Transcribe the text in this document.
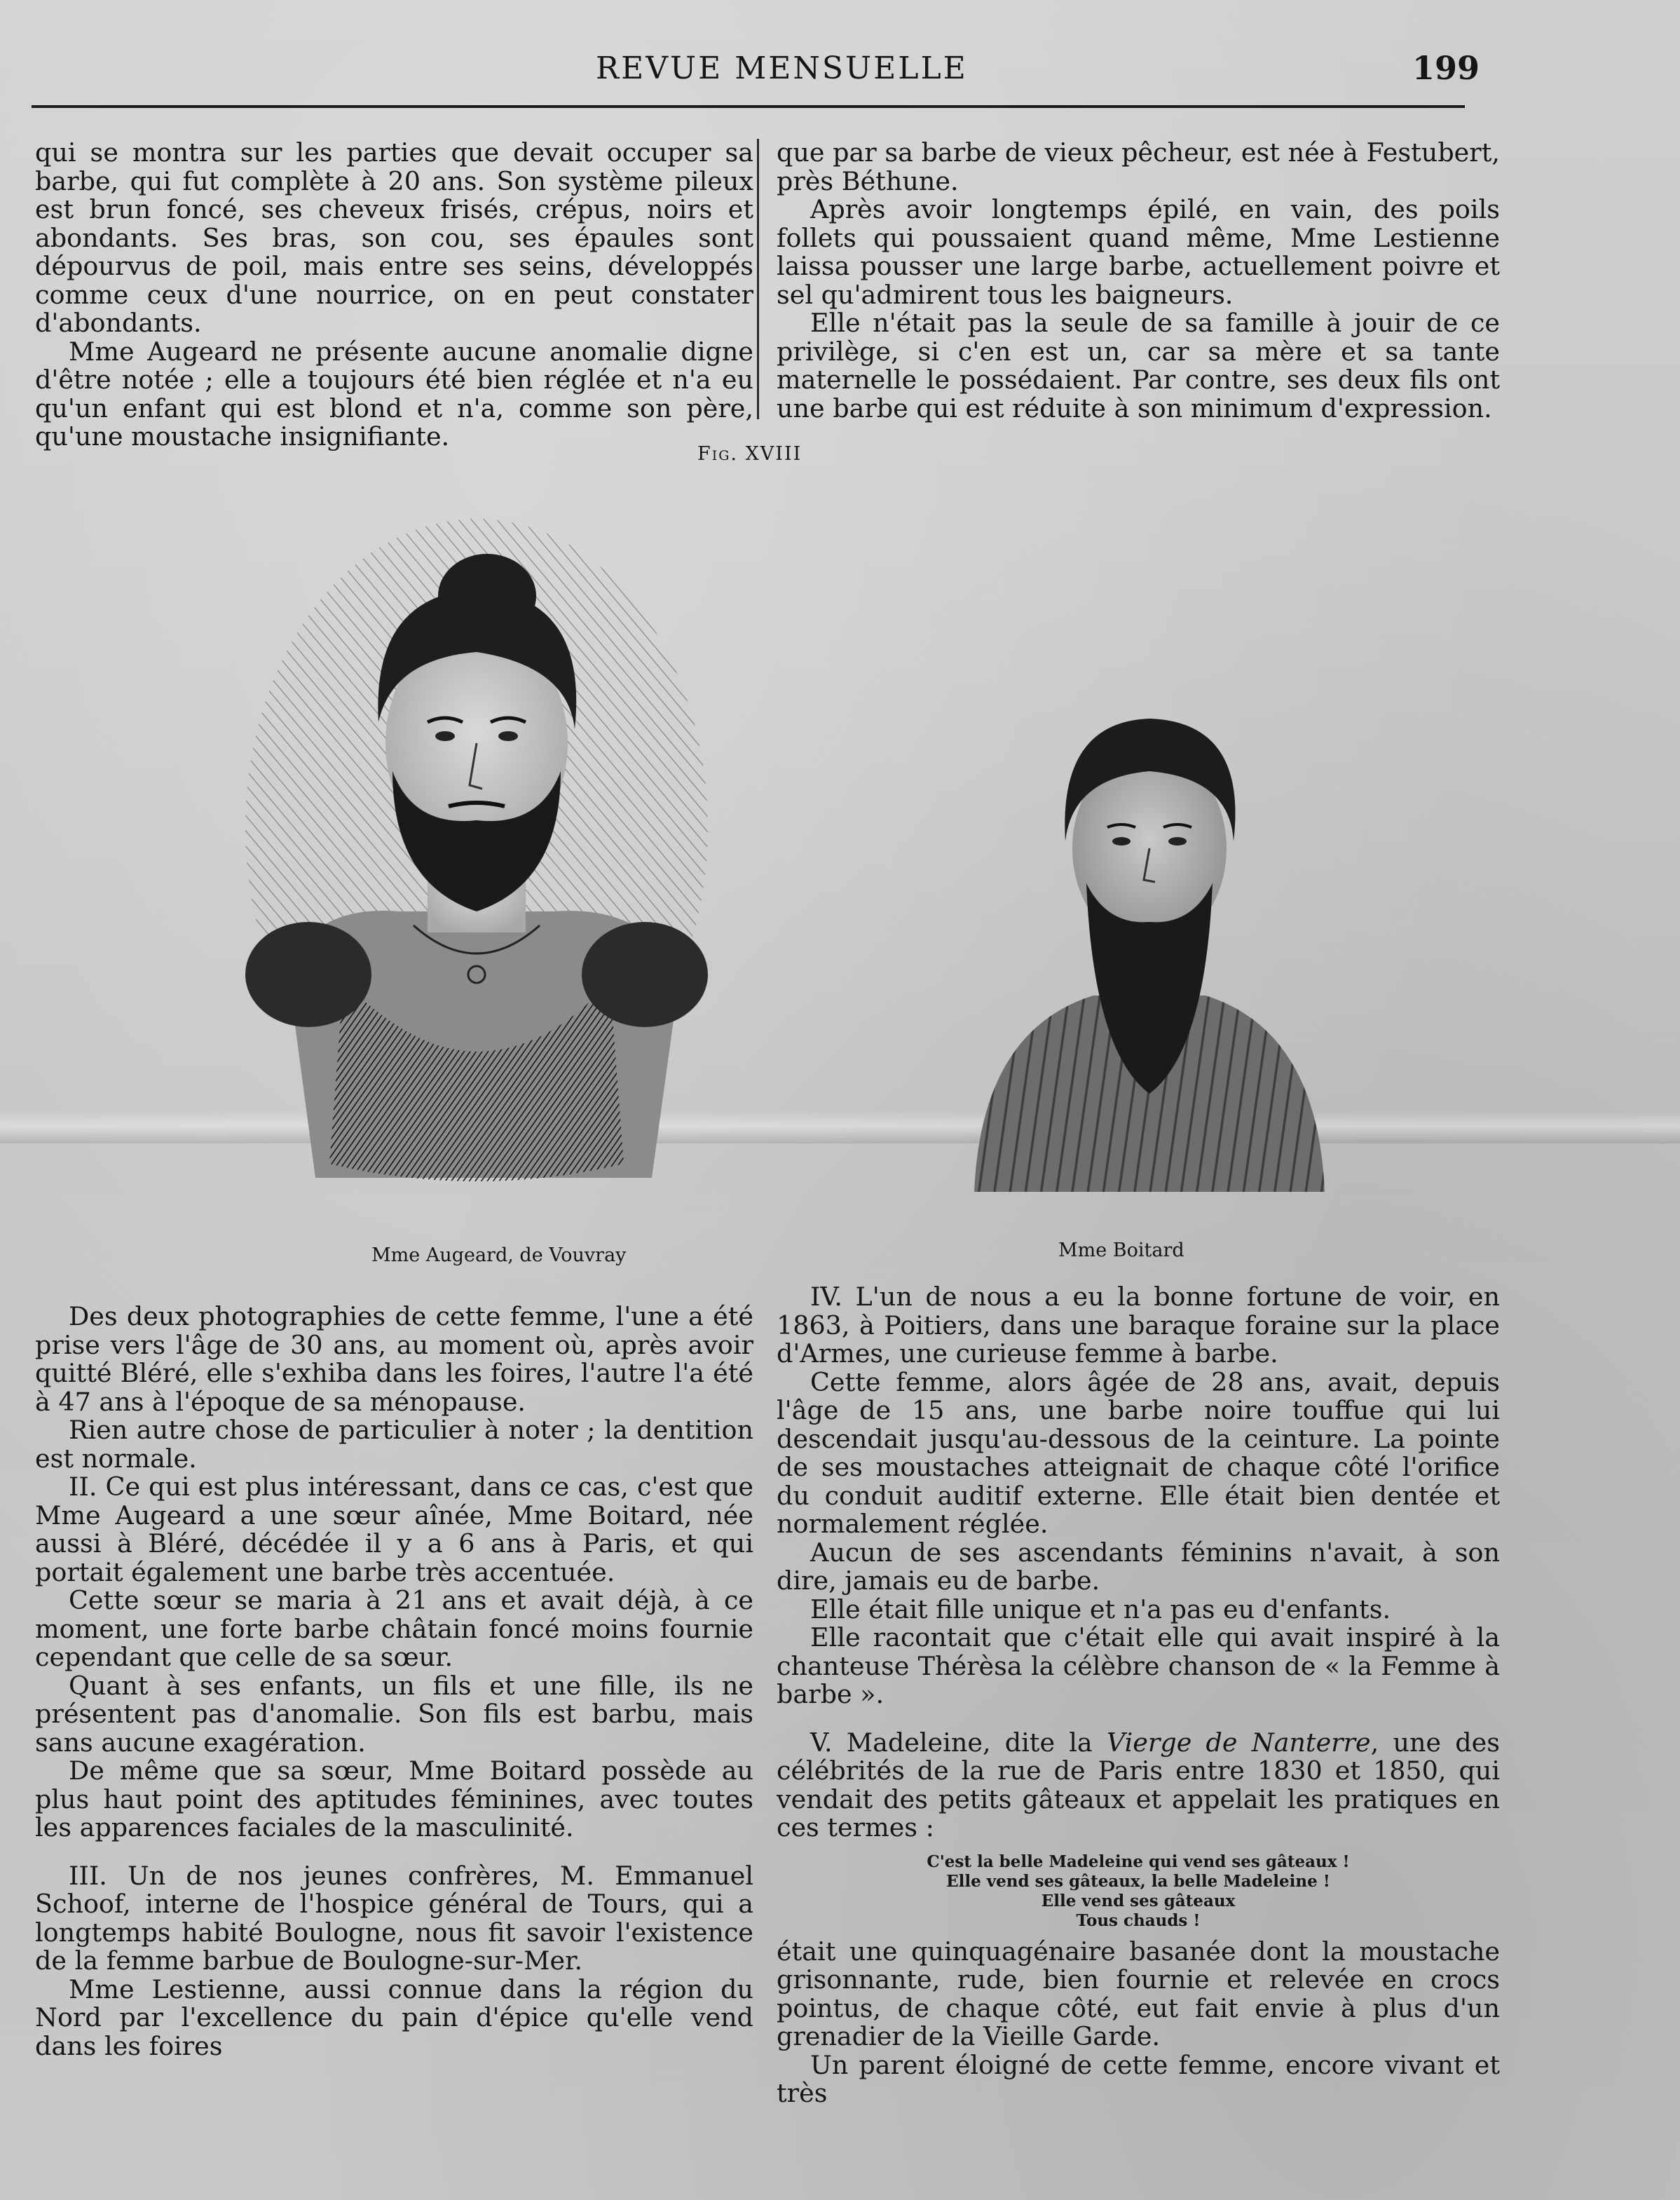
REVUE MENSUELLE	199

qui se montra sur les parties que devait occuper sa barbe, qui fut complète à 20 ans. Son système pileux est brun foncé, ses cheveux frisés, crépus, noirs et abondants. Ses bras, son cou, ses épaules sont dépourvus de poil, mais entre ses seins, développés comme ceux d'une nourrice, on en peut constater d'abondants.

Mme Augeard ne présente aucune anomalie digne d'être notée ; elle a toujours été bien réglée et n'a eu qu'un enfant qui est blond et n'a, comme son père, qu'une moustache insignifiante.

que par sa barbe de vieux pêcheur, est née à Festubert, près Béthune.

Après avoir longtemps épilé, en vain, des poils follets qui poussaient quand même, Mme Lestienne laissa pousser une large barbe, actuellement poivre et sel qu'admirent tous les baigneurs.

Elle n'était pas la seule de sa famille à jouir de ce privilège, si c'en est un, car sa mère et sa tante maternelle le possédaient. Par contre, ses deux fils ont une barbe qui est réduite à son minimum d'expression.

Fig. XVIII
Mme Augeard, de Vouvray	Mme Boitard

Des deux photographies de cette femme, l'une a été prise vers l'âge de 30 ans, au moment où, après avoir quitté Bléré, elle s'exhiba dans les foires, l'autre l'a été à 47 ans à l'époque de sa ménopause.

Rien autre chose de particulier à noter ; la dentition est normale.

II. Ce qui est plus intéressant, dans ce cas, c'est que Mme Augeard a une sœur aînée, Mme Boitard, née aussi à Bléré, décédée il y a 6 ans à Paris, et qui portait également une barbe très accentuée.

Cette sœur se maria à 21 ans et avait déjà, à ce moment, une forte barbe châtain foncé moins fournie cependant que celle de sa sœur.

Quant à ses enfants, un fils et une fille, ils ne présentent pas d'anomalie. Son fils est barbu, mais sans aucune exagération.

De même que sa sœur, Mme Boitard possède au plus haut point des aptitudes féminines, avec toutes les apparences faciales de la masculinité.

III. Un de nos jeunes confrères, M. Emmanuel Schoof, interne de l'hospice général de Tours, qui a longtemps habité Boulogne, nous fit savoir l'existence de la femme barbue de Boulogne-sur-Mer.

Mme Lestienne, aussi connue dans la région du Nord par l'excellence du pain d'épice qu'elle vend dans les foires

IV. L'un de nous a eu la bonne fortune de voir, en 1863, à Poitiers, dans une baraque foraine sur la place d'Armes, une curieuse femme à barbe.

Cette femme, alors âgée de 28 ans, avait, depuis l'âge de 15 ans, une barbe noire touffue qui lui descendait jusqu'au-dessous de la ceinture. La pointe de ses moustaches atteignait de chaque côté l'orifice du conduit auditif externe. Elle était bien dentée et normalement réglée.

Aucun de ses ascendants féminins n'avait, à son dire, jamais eu de barbe.

Elle était fille unique et n'a pas eu d'enfants.

Elle racontait que c'était elle qui avait inspiré à la chanteuse Thérèsa la célèbre chanson de « la Femme à barbe ».

V. Madeleine, dite la Vierge de Nanterre, une des célébrités de la rue de Paris entre 1830 et 1850, qui vendait des petits gâteaux et appelait les pratiques en ces termes :

C'est la belle Madeleine qui vend ses gâteaux !
Elle vend ses gâteaux, la belle Madeleine !
Elle vend ses gâteaux
Tous chauds !

était une quinquagénaire basanée dont la moustache grisonnante, rude, bien fournie et relevée en crocs pointus, de chaque côté, eut fait envie à plus d'un grenadier de la Vieille Garde.

Un parent éloigné de cette femme, encore vivant et très
